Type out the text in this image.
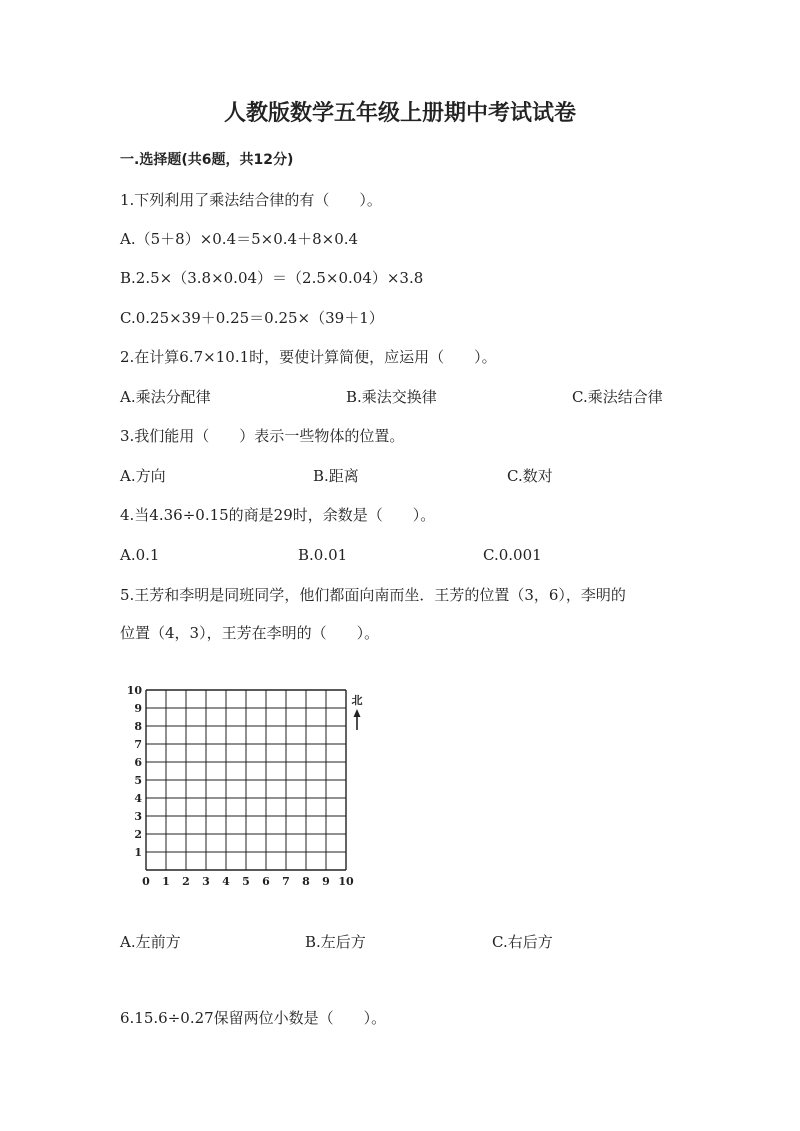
人教版数学五年级上册期中考试试卷
一.选择题(共6题，共12分)
1.下列利用了乘法结合律的有（　　）。
A.（5＋8）×0.4＝5×0.4＋8×0.4
B.2.5×（3.8×0.04）＝（2.5×0.04）×3.8
C.0.25×39＋0.25＝0.25×（39＋1）
2.在计算6.7×10.1时，要使计算简便，应运用（　　）。
A.乘法分配律	B.乘法交换律	C.乘法结合律
3.我们能用（　　）表示一些物体的位置。
A.方向	B.距离	C.数对
4.当4.36÷0.15的商是29时，余数是（　　）。
A.0.1	B.0.01	C.0.001
5.王芳和李明是同班同学，他们都面向南而坐．王芳的位置（3，6），李明的
位置（4，3），王芳在李明的（　　）。
0 1 2 3 4 5 6 7 8 9 10
1
2
3
4
5
6
7
8
9
10
北
A.左前方	B.左后方	C.右后方
6.15.6÷0.27保留两位小数是（　　）。
